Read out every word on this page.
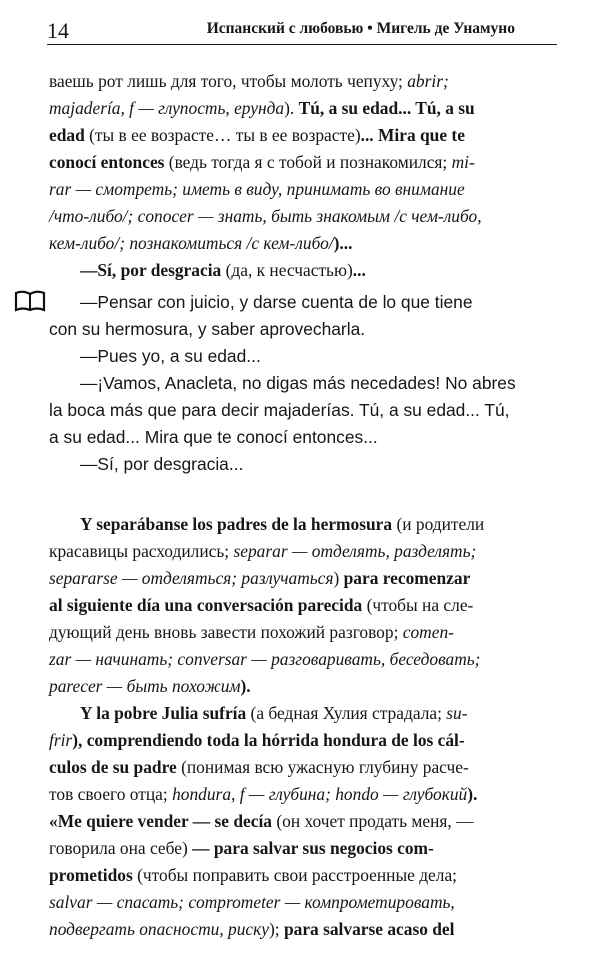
14	Испанский с любовью • Мигель де Унамуно
ваешь рот лишь для того, чтобы молоть чепуху; abrir;
majadería, f — глупость, ерунда). Tú, a su edad... Tú, a su
edad (ты в ее возрасте… ты в ее возрасте)... Mira que te
conocí entonces (ведь тогда я с тобой и познакомился; mi-
rar — смотреть; иметь в виду, принимать во внимание
/что-либо/; conocer — знать, быть знакомым /с чем-либо,
кем-либо/; познакомиться /с кем-либо/)...
—Sí, por desgracia (да, к несчастью)...
—Pensar con juicio, y darse cuenta de lo que tiene
con su hermosura, y saber aprovecharla.
—Pues yo, a su edad...
—¡Vamos, Anacleta, no digas más necedades! No abres
la boca más que para decir majaderías. Tú, a su edad... Tú,
a su edad... Mira que te conocí entonces...
—Sí, por desgracia...
Y separábanse los padres de la hermosura (и родители
красавицы расходились; separar — отделять, разделять;
separarse — отделяться; разлучаться) para recomenzar
al siguiente día una conversación parecida (чтобы на сле-
дующий день вновь завести похожий разговор; comen-
zar — начинать; conversar — разговаривать, беседовать;
parecer — быть похожим).
Y la pobre Julia sufría (а бедная Хулия страдала; su-
frir), comprendiendo toda la hórrida hondura de los cál-
culos de su padre (понимая всю ужасную глубину расче-
тов своего отца; hondura, f — глубина; hondo — глубокий).
«Me quiere vender — se decía (он хочет продать меня, —
говорила она себе) — para salvar sus negocios com-
prometidos (чтобы поправить свои расстроенные дела;
salvar — спасать; comprometer — компрометировать,
подвергать опасности, риску); para salvarse acaso del
